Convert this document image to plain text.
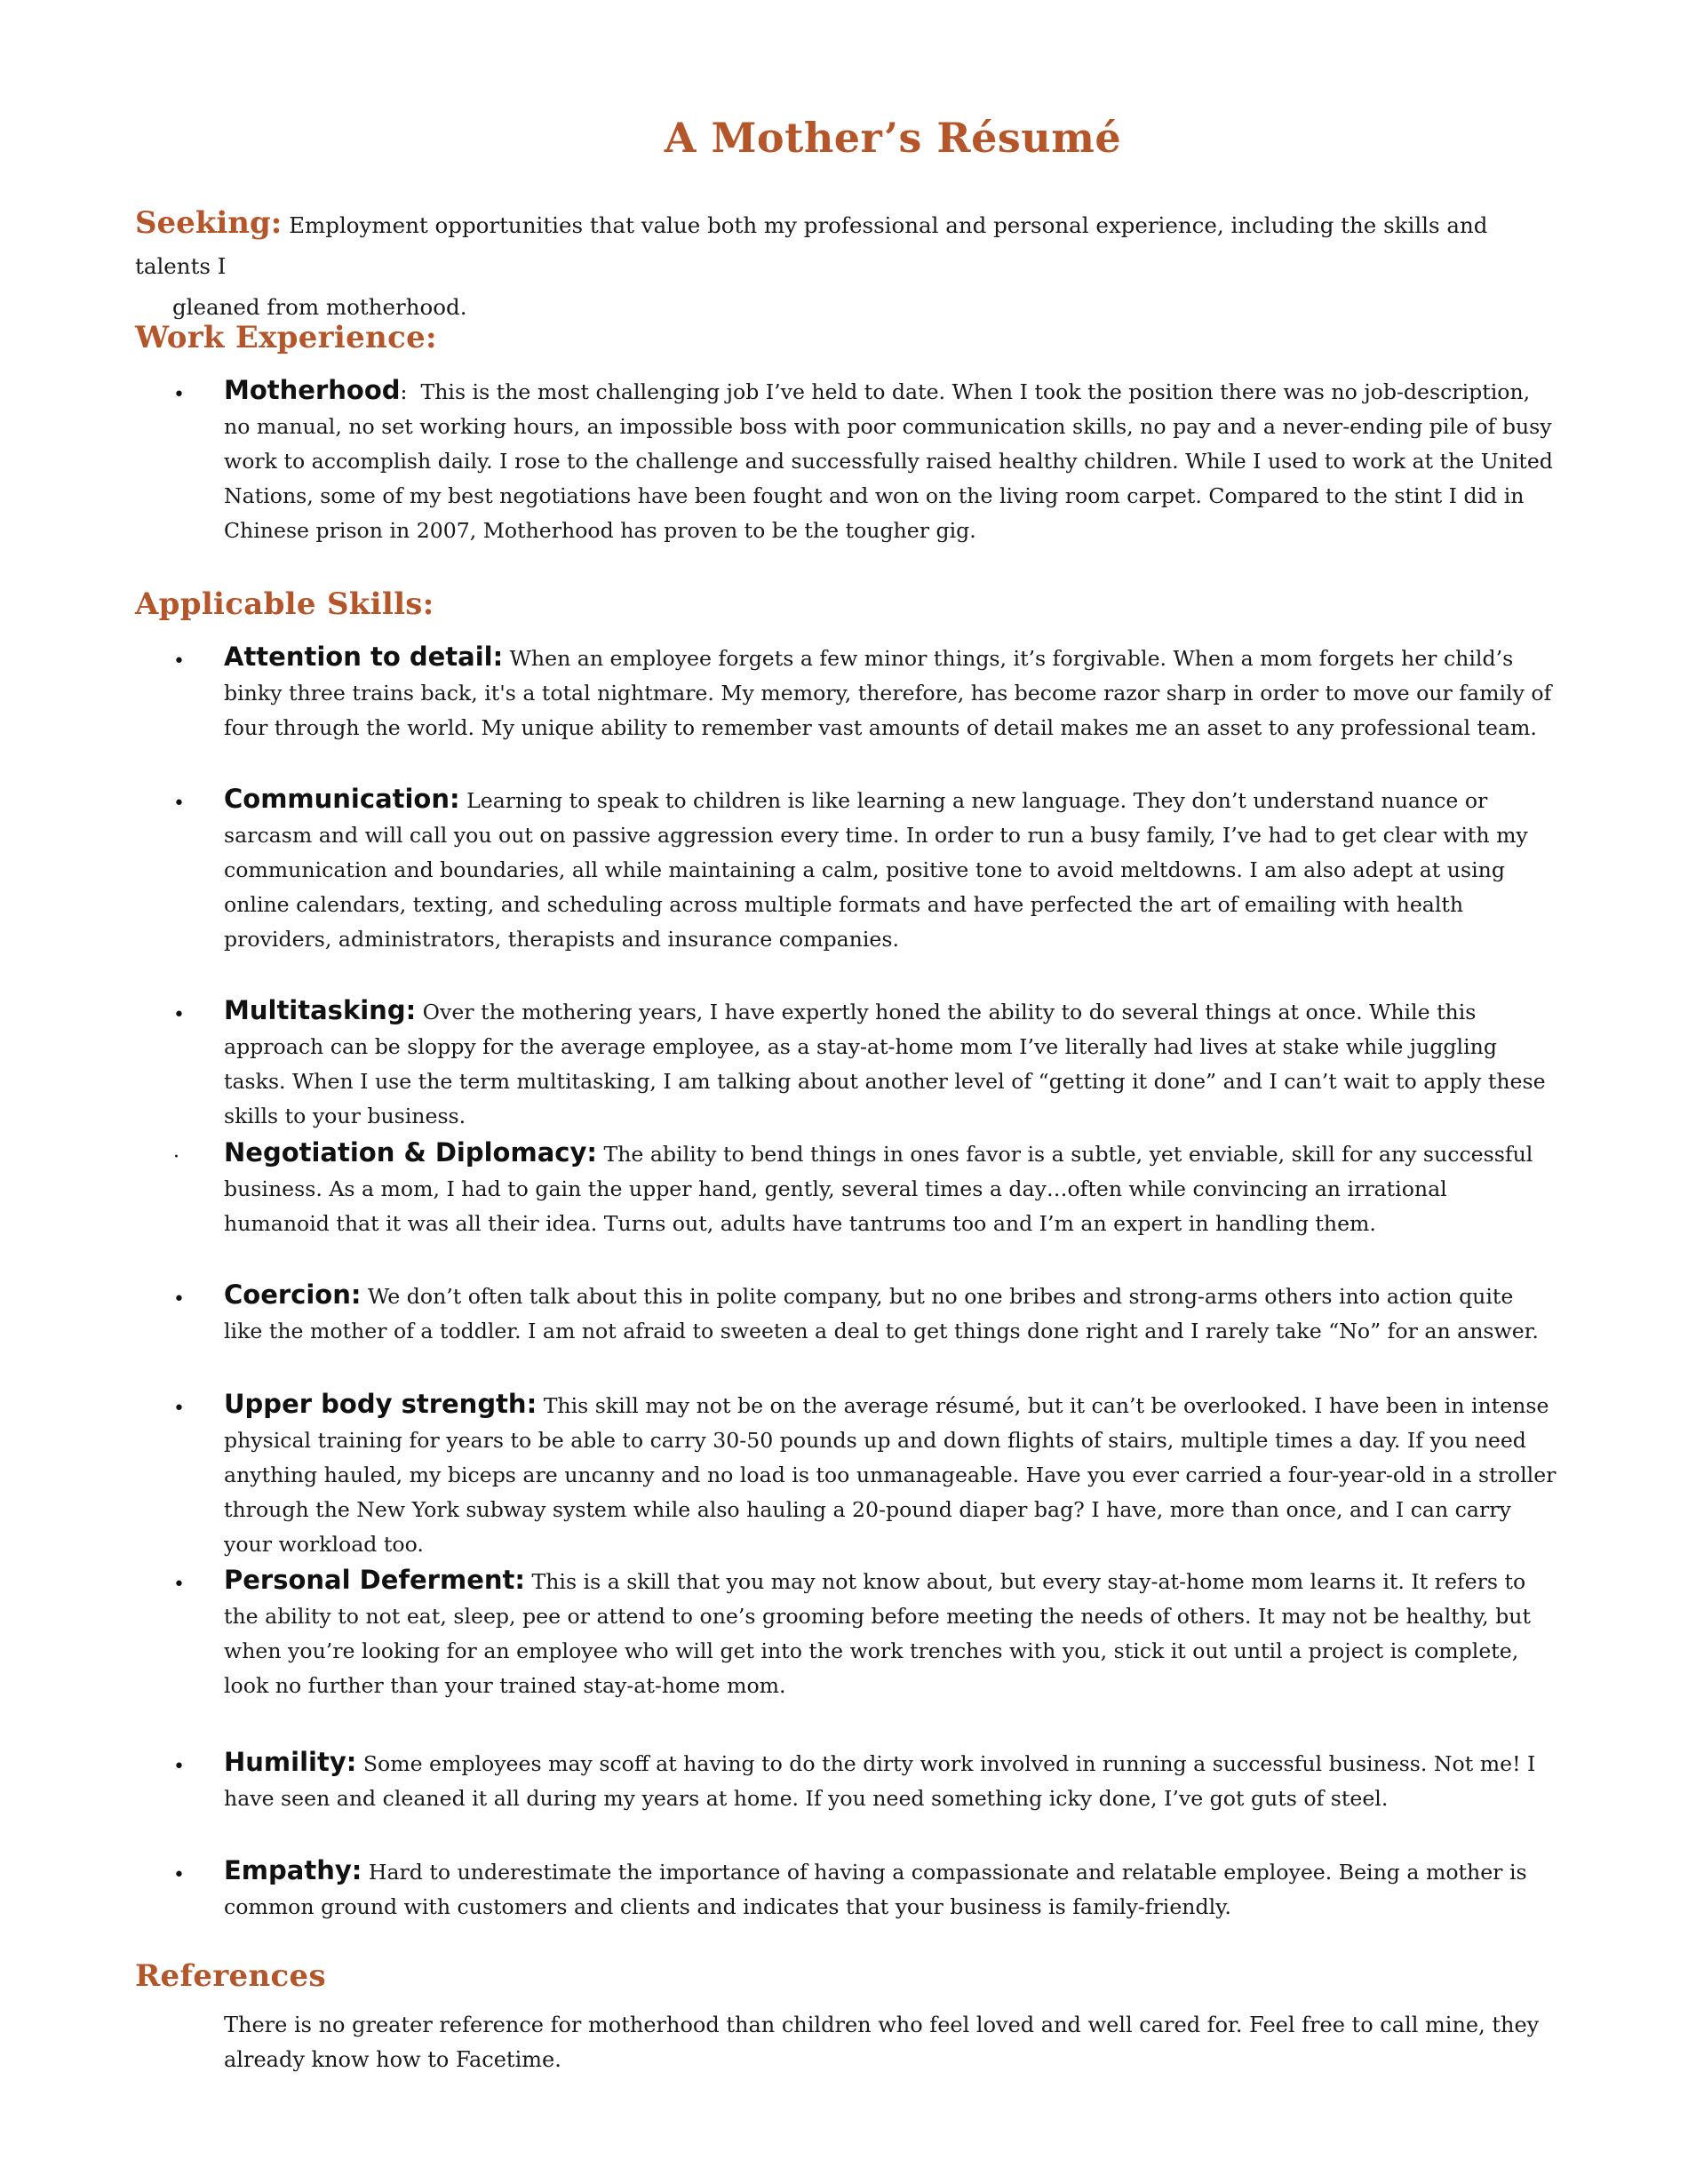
A Mother’s Résumé
Seeking: Employment opportunities that value both my professional and personal experience, including the skills and talents I
gleaned from motherhood.
Work Experience:
• Motherhood: This is the most challenging job I’ve held to date. When I took the position there was no job-description, no manual, no set working hours, an impossible boss with poor communication skills, no pay and a never-ending pile of busy work to accomplish daily. I rose to the challenge and successfully raised healthy children. While I used to work at the United Nations, some of my best negotiations have been fought and won on the living room carpet. Compared to the stint I did in Chinese prison in 2007, Motherhood has proven to be the tougher gig.
Applicable Skills:
• Attention to detail: When an employee forgets a few minor things, it’s forgivable. When a mom forgets her child’s binky three trains back, it's a total nightmare. My memory, therefore, has become razor sharp in order to move our family of four through the world. My unique ability to remember vast amounts of detail makes me an asset to any professional team.
• Communication: Learning to speak to children is like learning a new language. They don’t understand nuance or sarcasm and will call you out on passive aggression every time. In order to run a busy family, I’ve had to get clear with my communication and boundaries, all while maintaining a calm, positive tone to avoid meltdowns. I am also adept at using online calendars, texting, and scheduling across multiple formats and have perfected the art of emailing with health providers, administrators, therapists and insurance companies.
• Multitasking: Over the mothering years, I have expertly honed the ability to do several things at once. While this approach can be sloppy for the average employee, as a stay-at-home mom I’ve literally had lives at stake while juggling tasks. When I use the term multitasking, I am talking about another level of “getting it done” and I can’t wait to apply these skills to your business.
· Negotiation & Diplomacy: The ability to bend things in ones favor is a subtle, yet enviable, skill for any successful business. As a mom, I had to gain the upper hand, gently, several times a day…often while convincing an irrational humanoid that it was all their idea. Turns out, adults have tantrums too and I’m an expert in handling them.
• Coercion: We don’t often talk about this in polite company, but no one bribes and strong-arms others into action quite like the mother of a toddler. I am not afraid to sweeten a deal to get things done right and I rarely take “No” for an answer.
• Upper body strength: This skill may not be on the average résumé, but it can’t be overlooked. I have been in intense physical training for years to be able to carry 30-50 pounds up and down flights of stairs, multiple times a day. If you need anything hauled, my biceps are uncanny and no load is too unmanageable. Have you ever carried a four-year-old in a stroller through the New York subway system while also hauling a 20-pound diaper bag? I have, more than once, and I can carry your workload too.
• Personal Deferment: This is a skill that you may not know about, but every stay-at-home mom learns it. It refers to the ability to not eat, sleep, pee or attend to one’s grooming before meeting the needs of others. It may not be healthy, but when you’re looking for an employee who will get into the work trenches with you, stick it out until a project is complete, look no further than your trained stay-at-home mom.
• Humility: Some employees may scoff at having to do the dirty work involved in running a successful business. Not me! I have seen and cleaned it all during my years at home. If you need something icky done, I’ve got guts of steel.
• Empathy: Hard to underestimate the importance of having a compassionate and relatable employee. Being a mother is common ground with customers and clients and indicates that your business is family-friendly.
References
There is no greater reference for motherhood than children who feel loved and well cared for. Feel free to call mine, they already know how to Facetime.
